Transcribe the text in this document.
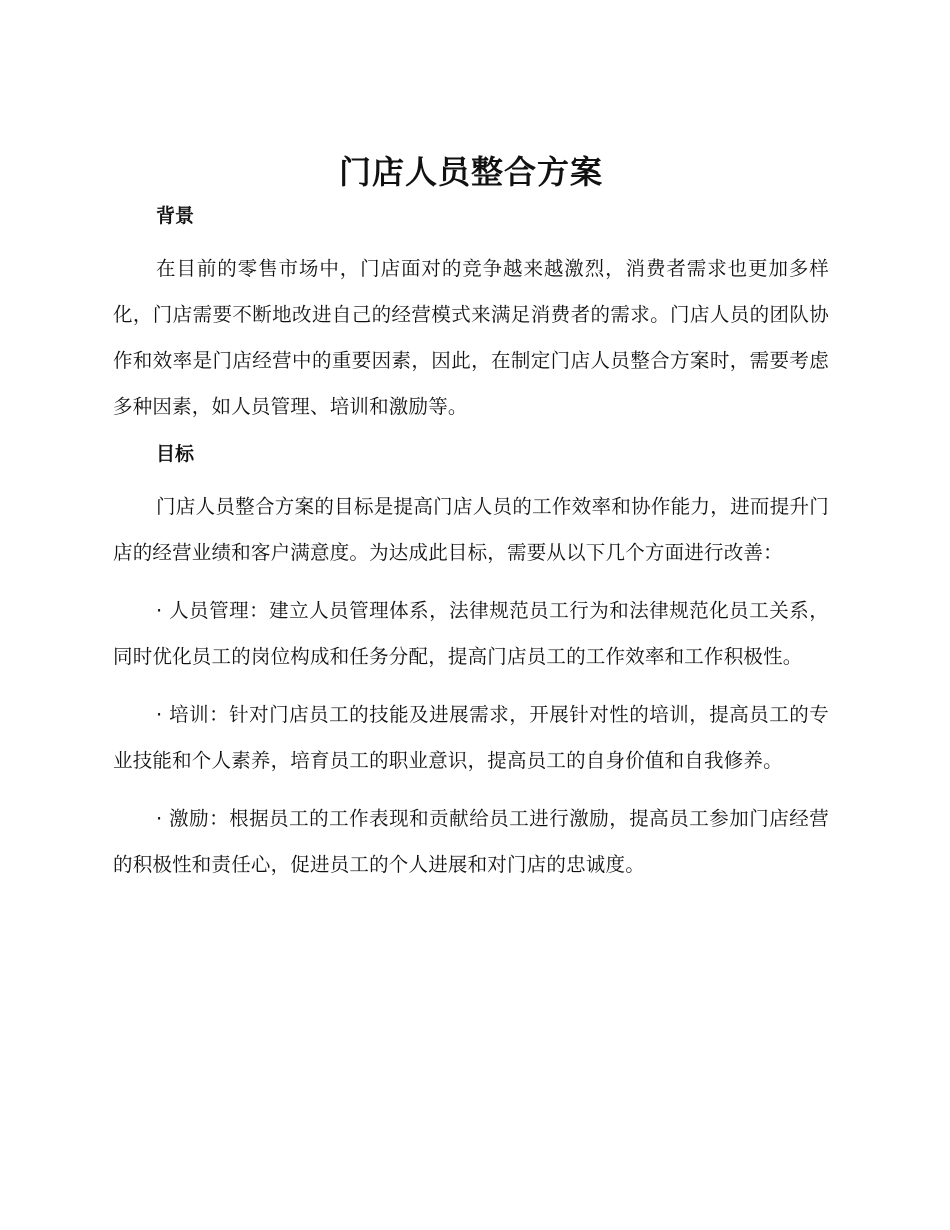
门店人员整合方案
背景

在目前的零售市场中，门店面对的竞争越来越激烈，消费者需求也更加多样化，门店需要不断地改进自己的经营模式来满足消费者的需求。门店人员的团队协作和效率是门店经营中的重要因素，因此，在制定门店人员整合方案时，需要考虑多种因素，如人员管理、培训和激励等。

目标

门店人员整合方案的目标是提高门店人员的工作效率和协作能力，进而提升门店的经营业绩和客户满意度。为达成此目标，需要从以下几个方面进行改善：

· 人员管理：建立人员管理体系，法律规范员工行为和法律规范化员工关系，同时优化员工的岗位构成和任务分配，提高门店员工的工作效率和工作积极性。

· 培训：针对门店员工的技能及进展需求，开展针对性的培训，提高员工的专业技能和个人素养，培育员工的职业意识，提高员工的自身价值和自我修养。

· 激励：根据员工的工作表现和贡献给员工进行激励，提高员工参加门店经营的积极性和责任心，促进员工的个人进展和对门店的忠诚度。
